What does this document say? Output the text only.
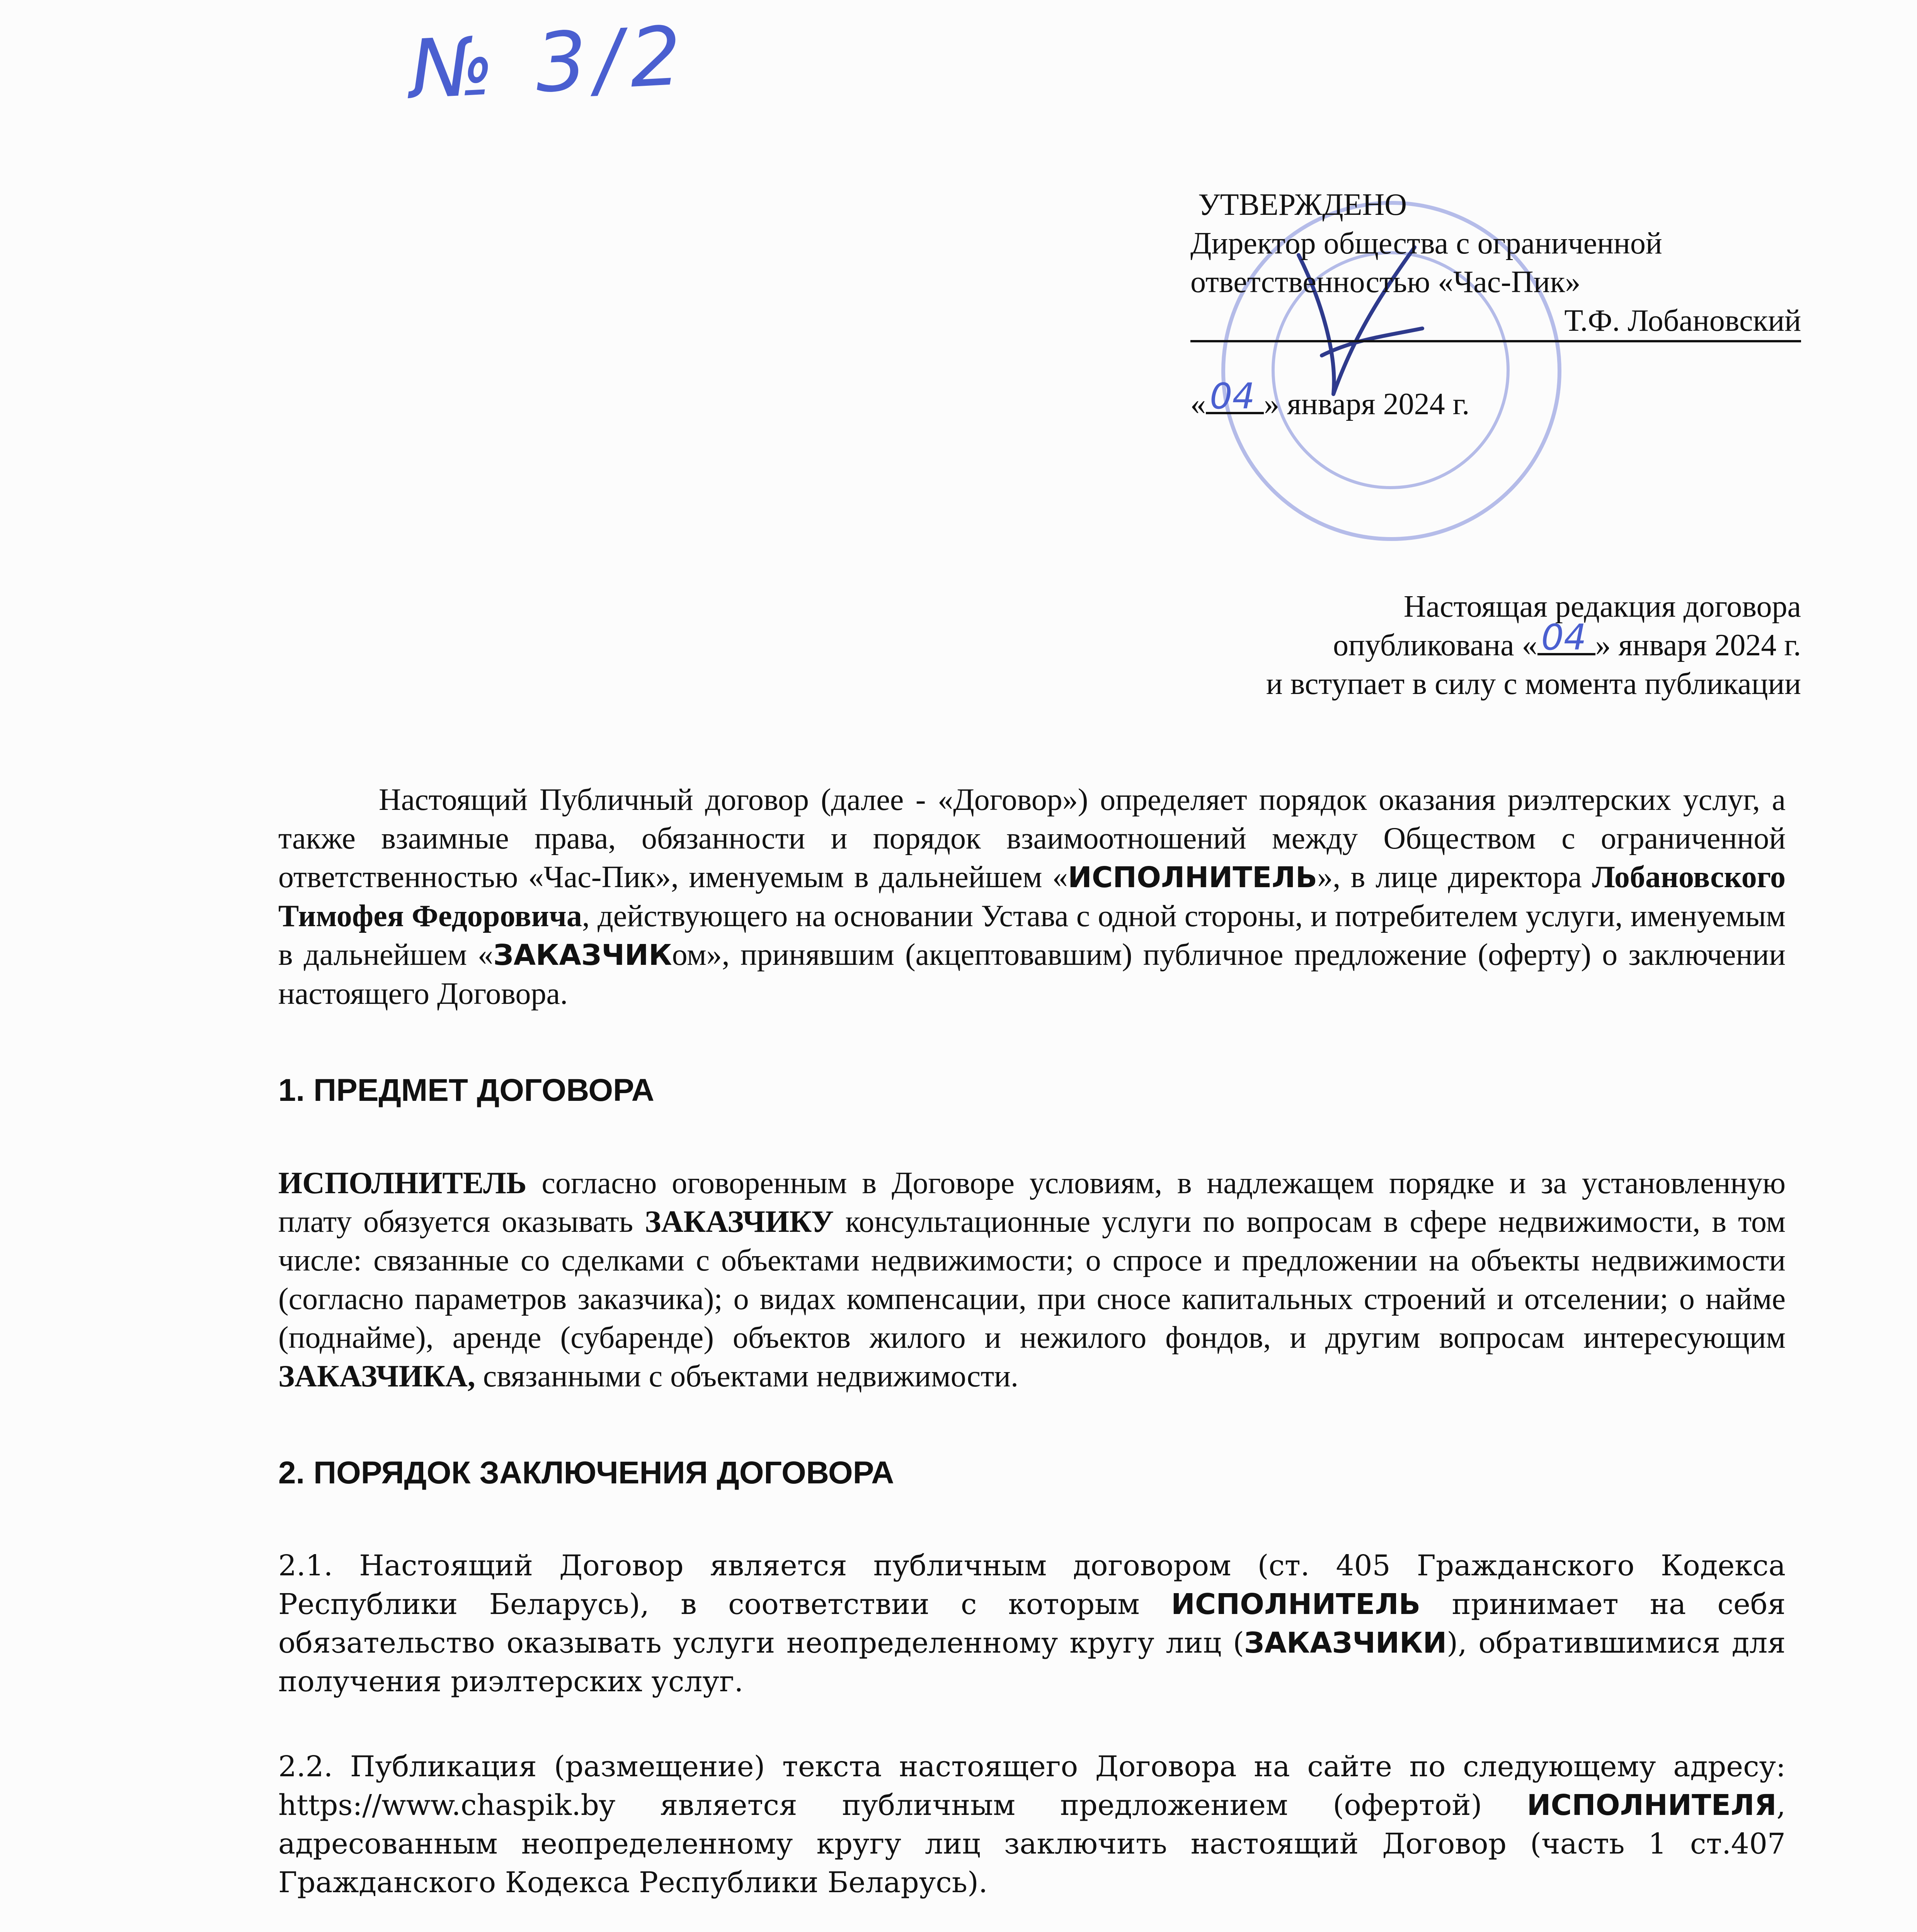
№ 3/2
УТВЕРЖДЕНО
Директор общества с ограниченной
ответственностью «Час-Пик»
Т.Ф. Лобановский
« 04 » января 2024 г.
Настоящая редакция договора
опубликована « 04 » января 2024 г.
и вступает в силу с момента публикации

Настоящий Публичный договор (далее - «Договор») определяет порядок оказания риэлтерских услуг, а также взаимные права, обязанности и порядок взаимоотношений между Обществом с ограниченной ответственностью «Час-Пик», именуемым в дальнейшем «ИСПОЛНИТЕЛЬ», в лице директора Лобановского Тимофея Федоровича, действующего на основании Устава с одной стороны, и потребителем услуги, именуемым в дальнейшем «ЗАКАЗЧИКом», принявшим (акцептовавшим) публичное предложение (оферту) о заключении настоящего Договора.

1. ПРЕДМЕТ ДОГОВОРА

ИСПОЛНИТЕЛЬ согласно оговоренным в Договоре условиям, в надлежащем порядке и за установленную плату обязуется оказывать ЗАКАЗЧИКУ консультационные услуги по вопросам в сфере недвижимости, в том числе: связанные со сделками с объектами недвижимости; о спросе и предложении на объекты недвижимости (согласно параметров заказчика); о видах компенсации, при сносе капитальных строений и отселении; о найме (поднайме), аренде (субаренде) объектов жилого и нежилого фондов, и другим вопросам интересующим ЗАКАЗЧИКА, связанными с объектами недвижимости.

2. ПОРЯДОК ЗАКЛЮЧЕНИЯ ДОГОВОРА

2.1. Настоящий Договор является публичным договором (ст. 405 Гражданского Кодекса Республики Беларусь), в соответствии с которым ИСПОЛНИТЕЛЬ принимает на себя обязательство оказывать услуги неопределенному кругу лиц (ЗАКАЗЧИКИ), обратившимися для получения риэлтерских услуг.

2.2. Публикация (размещение) текста настоящего Договора на сайте по следующему адресу: https://www.chaspik.by является публичным предложением (офертой) ИСПОЛНИТЕЛЯ, адресованным неопределенному кругу лиц заключить настоящий Договор (часть 1 ст.407 Гражданского Кодекса Республики Беларусь).
